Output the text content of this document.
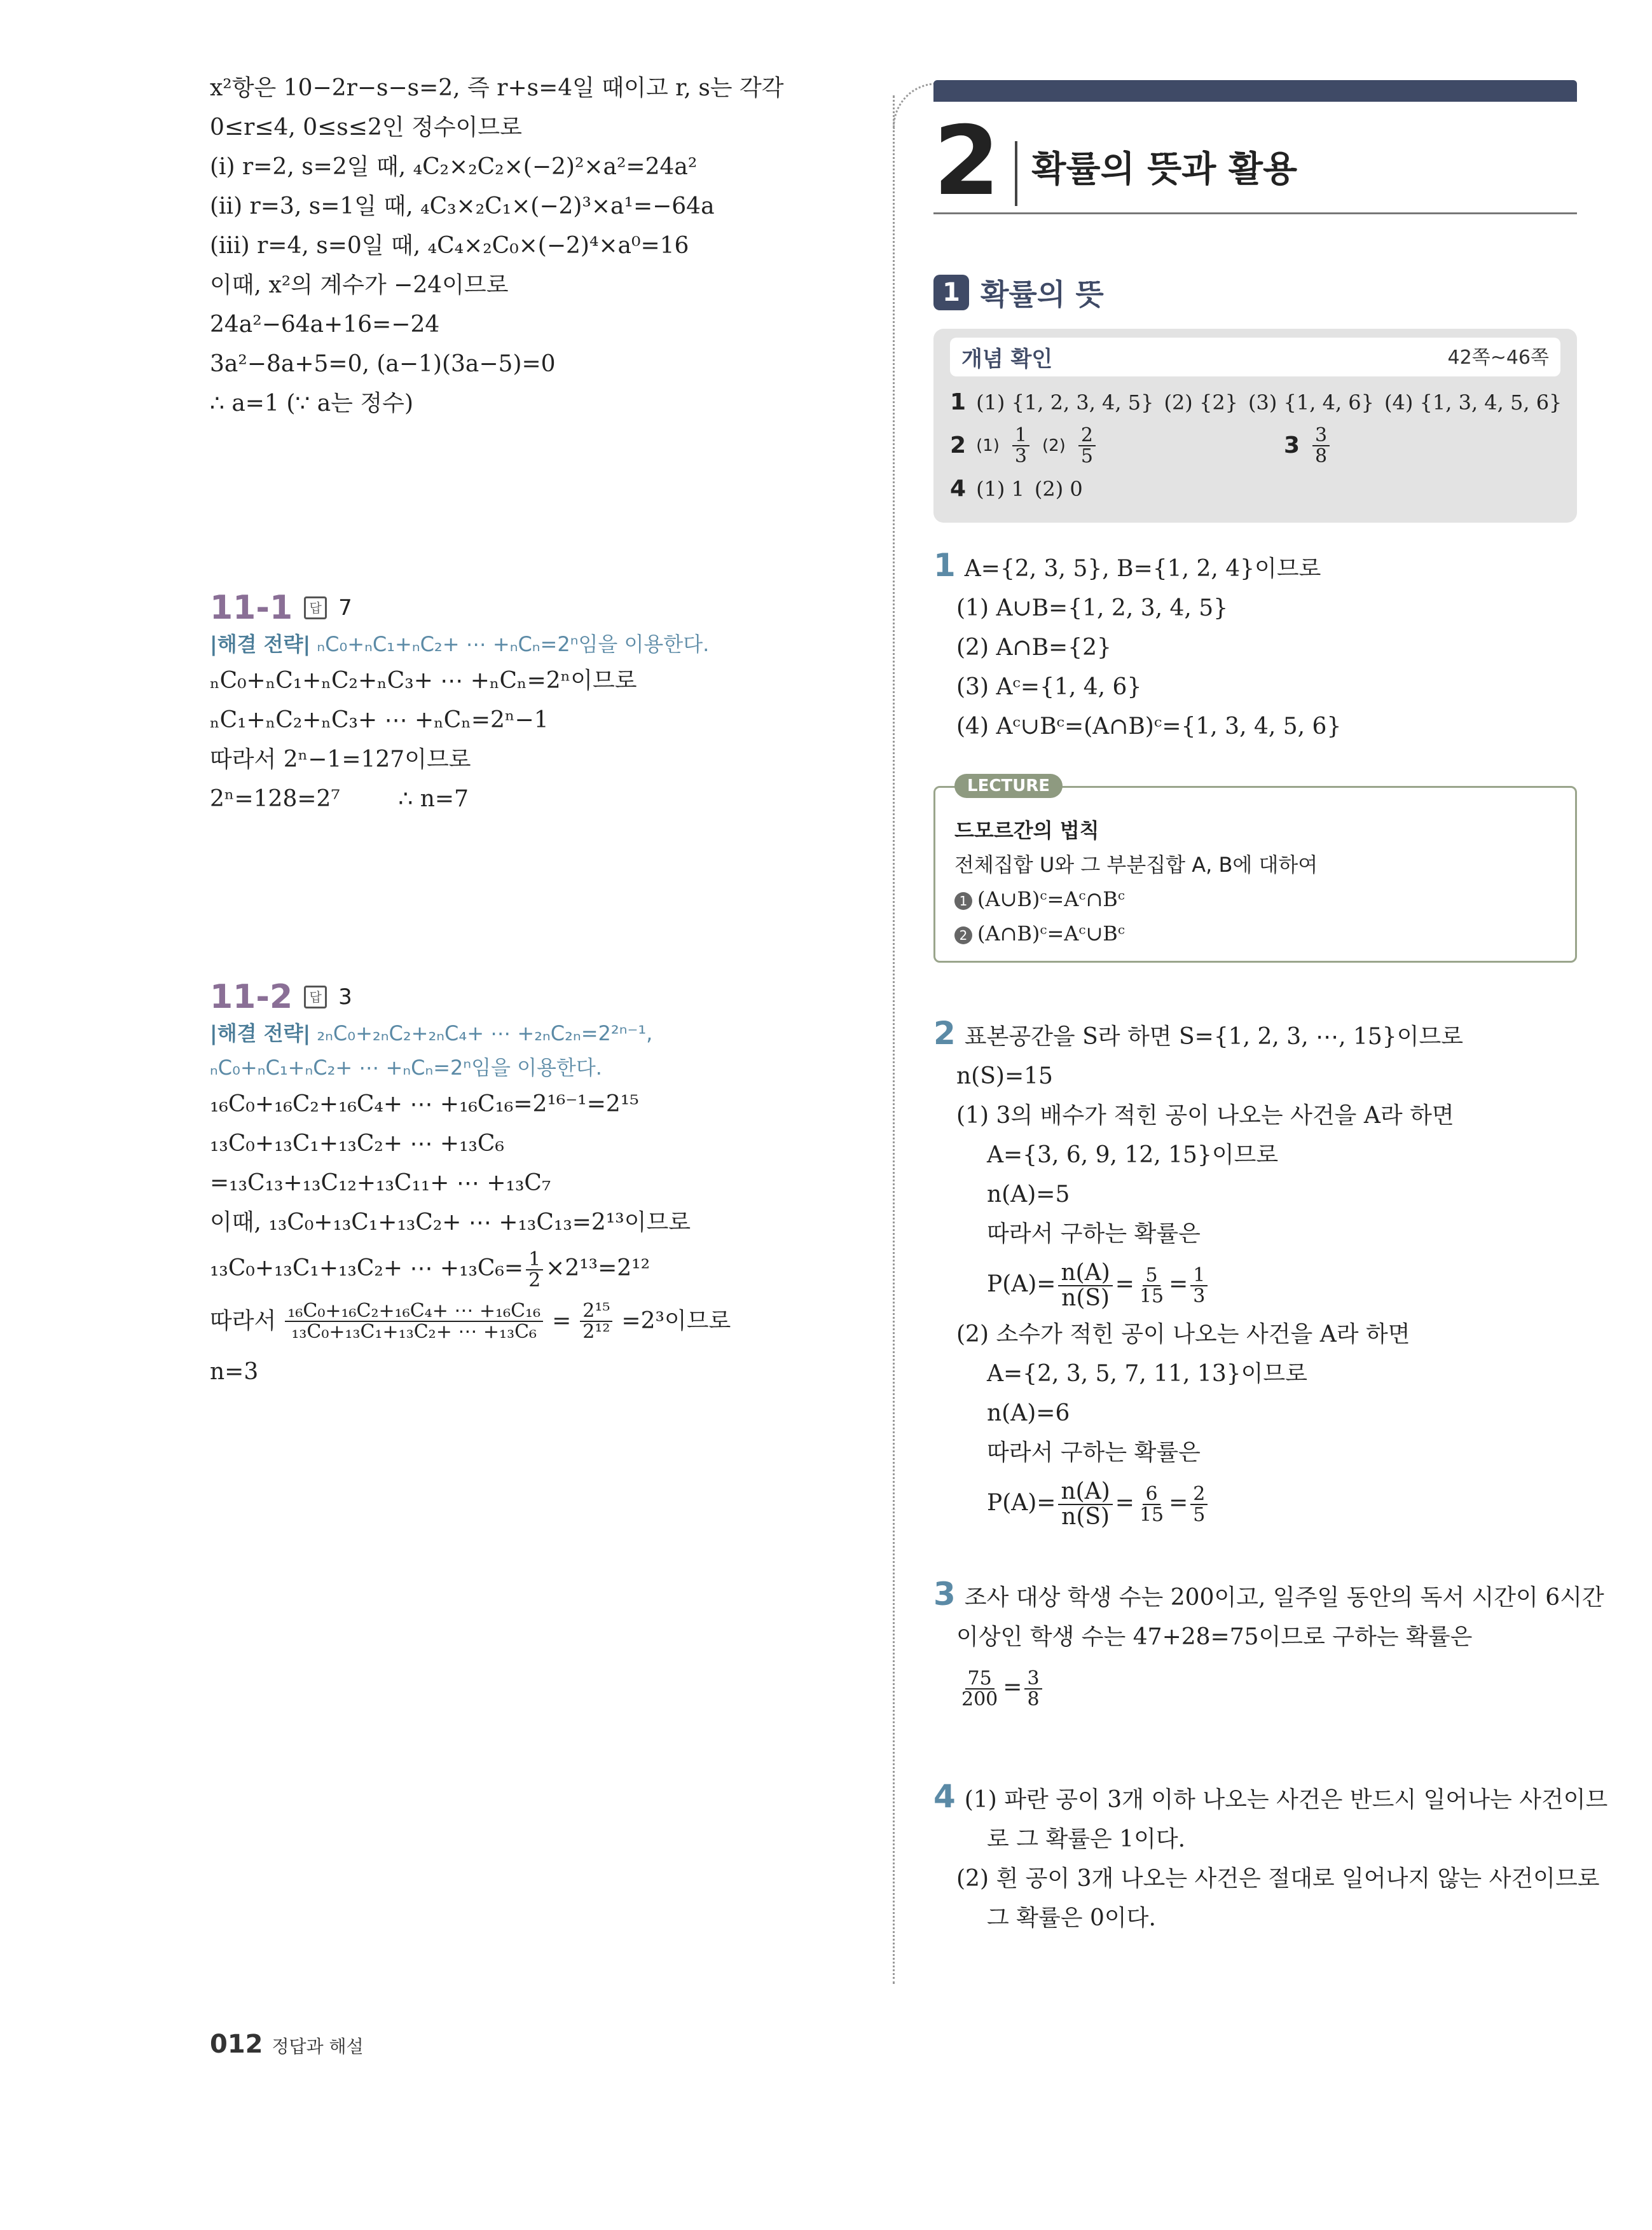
x²항은 10−2r−s−s=2, 즉 r+s=4일 때이고 r, s는 각각
0≤r≤4, 0≤s≤2인 정수이므로
(ⅰ) r=2, s=2일 때, ₄C₂×₂C₂×(−2)²×a²=24a²
(ⅱ) r=3, s=1일 때, ₄C₃×₂C₁×(−2)³×a¹=−64a
(ⅲ) r=4, s=0일 때, ₄C₄×₂C₀×(−2)⁴×a⁰=16
이때, x²의 계수가 −24이므로
24a²−64a+16=−24
3a²−8a+5=0, (a−1)(3a−5)=0
∴ a=1 (∵ a는 정수)
11-1	답 7
|해결 전략| ₙC₀+ₙC₁+ₙC₂+ ⋯ +ₙCₙ=2ⁿ임을 이용한다.
ₙC₀+ₙC₁+ₙC₂+ₙC₃+ ⋯ +ₙCₙ=2ⁿ이므로
ₙC₁+ₙC₂+ₙC₃+ ⋯ +ₙCₙ=2ⁿ−1
따라서 2ⁿ−1=127이므로
2ⁿ=128=2⁷        ∴ n=7
11-2	답 3
|해결 전략| ₂ₙC₀+₂ₙC₂+₂ₙC₄+ ⋯ +₂ₙC₂ₙ=2²ⁿ⁻¹,
ₙC₀+ₙC₁+ₙC₂+ ⋯ +ₙCₙ=2ⁿ임을 이용한다.
₁₆C₀+₁₆C₂+₁₆C₄+ ⋯ +₁₆C₁₆=2¹⁶⁻¹=2¹⁵
₁₃C₀+₁₃C₁+₁₃C₂+ ⋯ +₁₃C₆
=₁₃C₁₃+₁₃C₁₂+₁₃C₁₁+ ⋯ +₁₃C₇
이때, ₁₃C₀+₁₃C₁+₁₃C₂+ ⋯ +₁₃C₁₃=2¹³이므로
₁₃C₀+₁₃C₁+₁₃C₂+ ⋯ $+_{13}C_6= \frac{1}{2} \times 2^{13}=2^{12}$
따라서 $\frac{\text{₁₆C₀+₁₆C₂+₁₆C₄+ ⋯ +₁₆C₁₆}}{\text{₁₃C₀+₁₃C₁+₁₃C₂+ ⋯ +₁₃C₆}} = \frac{\text{2¹⁵}}{\text{2¹²}} =2^3$이므로
n=3
2 확률의 뜻과 활용
1 확률의 뜻
개념 확인	42쪽~46쪽
1 (1) {1, 2, 3, 4, 5} (2) {2} (3) {1, 4, 6} (4) {1, 3, 4, 5, 6}
2 $(1) \frac{1}{3} (2) \frac{2}{5}$	$3 \frac{3}{8}$
4 (1) 1 (2) 0
1 A={2, 3, 5}, B={1, 2, 4}이므로
(1) A∪B={1, 2, 3, 4, 5}
(2) A∩B={2}
(3) Aᶜ={1, 4, 6}
(4) Aᶜ∪Bᶜ=(A∩B)ᶜ={1, 3, 4, 5, 6}
LECTURE
드모르간의 법칙
전체집합 U와 그 부분집합 A, B에 대하여
1 (A∪B)ᶜ=Aᶜ∩Bᶜ
2 (A∩B)ᶜ=Aᶜ∪Bᶜ
2 표본공간을 S라 하면 S={1, 2, 3, ⋯, 15}이므로
n(S)=15
(1) 3의 배수가 적힌 공이 나오는 사건을 A라 하면
A={3, 6, 9, 12, 15}이므로
n(A)=5
따라서 구하는 확률은
$P(A)= \frac{n(A)}{n(S)} = \frac{5}{15} = \frac{1}{3}$
(2) 소수가 적힌 공이 나오는 사건을 A라 하면
A={2, 3, 5, 7, 11, 13}이므로
n(A)=6
따라서 구하는 확률은
$P(A)= \frac{n(A)}{n(S)} = \frac{6}{15} = \frac{2}{5}$
3 조사 대상 학생 수는 200이고, 일주일 동안의 독서 시간이 6시간
이상인 학생 수는 47+28=75이므로 구하는 확률은
$\frac{75}{200} = \frac{3}{8}$
4 (1) 파란 공이 3개 이하 나오는 사건은 반드시 일어나는 사건이므
로 그 확률은 1이다.
(2) 흰 공이 3개 나오는 사건은 절대로 일어나지 않는 사건이므로
그 확률은 0이다.
012 정답과 해설
